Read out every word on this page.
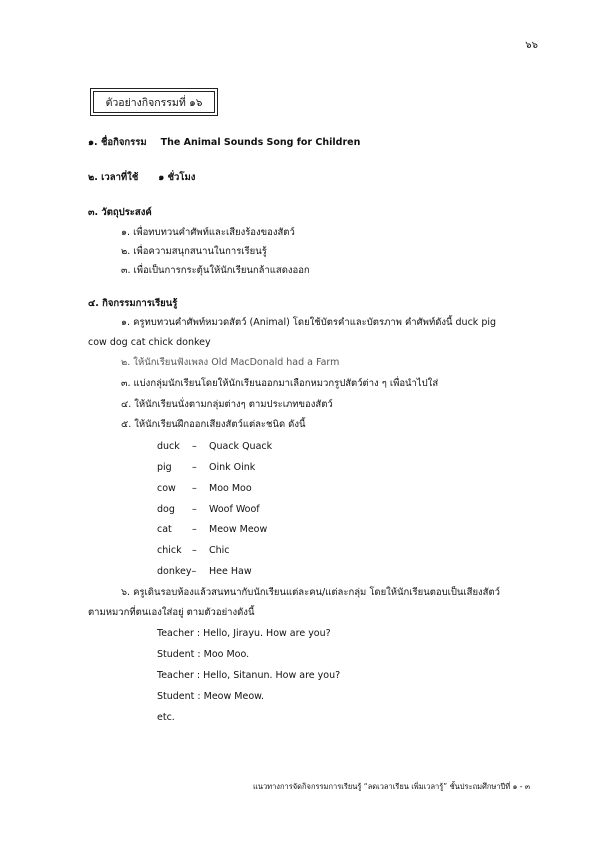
๖๖
ตัวอย่างกิจกรรมที่ ๑๖
๑. ชื่อกิจกรรม The Animal Sounds Song for Children
๒. เวลาที่ใช้ ๑ ชั่วโมง
๓. วัตถุประสงค์
๑. เพื่อทบทวนคำศัพท์และเสียงร้องของสัตว์
๒. เพื่อความสนุกสนานในการเรียนรู้
๓. เพื่อเป็นการกระตุ้นให้นักเรียนกล้าแสดงออก
๔. กิจกรรมการเรียนรู้
๑. ครูทบทวนคำศัพท์หมวดสัตว์ (Animal) โดยใช้บัตรคำและบัตรภาพ คำศัพท์ดังนี้ duck pig
cow dog cat chick donkey
๒. ให้นักเรียนฟังเพลง Old MacDonald had a Farm
๓. แบ่งกลุ่มนักเรียนโดยให้นักเรียนออกมาเลือกหมวกรูปสัตว์ต่าง ๆ เพื่อนำไปใส่
๔. ให้นักเรียนนั่งตามกลุ่มต่างๆ ตามประเภทของสัตว์
๕. ให้นักเรียนฝึกออกเสียงสัตว์แต่ละชนิด ดังนี้
duck – Quack Quack
pig – Oink Oink
cow – Moo Moo
dog – Woof Woof
cat – Meow Meow
chick – Chic
donkey– Hee Haw
๖. ครูเดินรอบห้องแล้วสนทนากับนักเรียนแต่ละคน/แต่ละกลุ่ม โดยให้นักเรียนตอบเป็นเสียงสัตว์
ตามหมวกที่ตนเองใส่อยู่ ตามตัวอย่างดังนี้
Teacher : Hello, Jirayu. How are you?
Student : Moo Moo.
Teacher : Hello, Sitanun. How are you?
Student : Meow Meow.
etc.
แนวทางการจัดกิจกรรมการเรียนรู้ “ลดเวลาเรียน เพิ่มเวลารู้” ชั้นประถมศึกษาปีที่ ๑ - ๓
